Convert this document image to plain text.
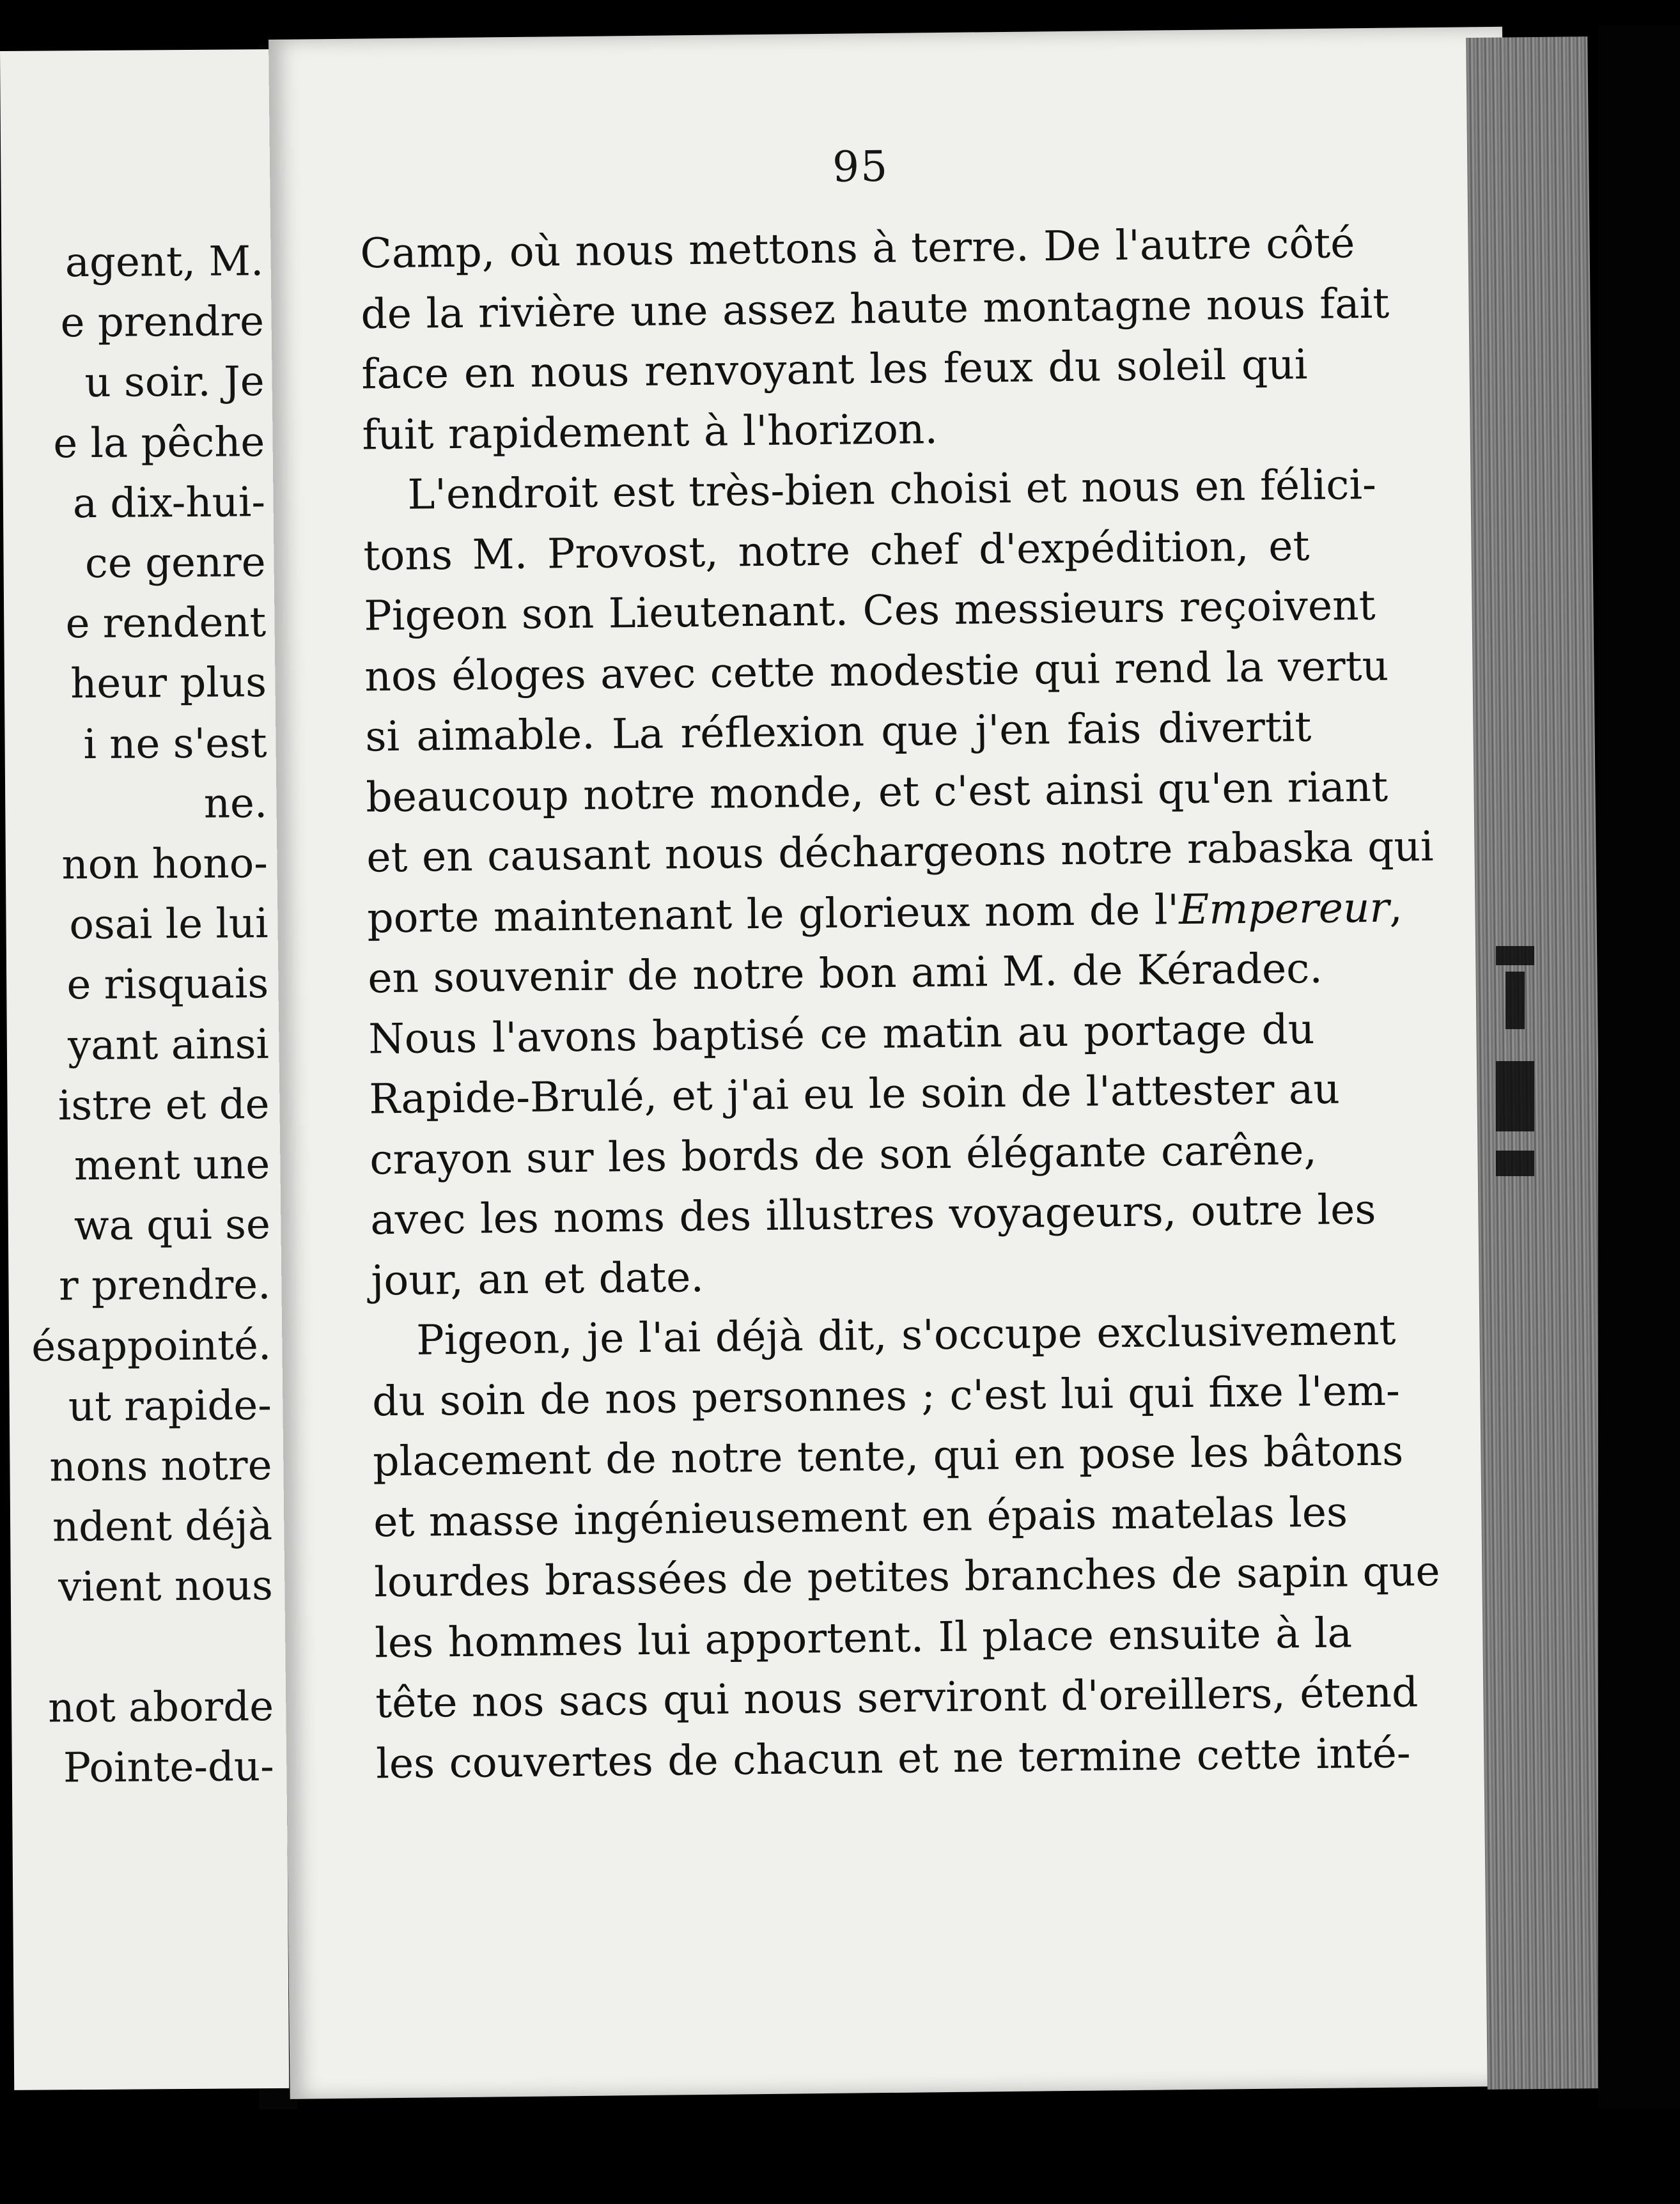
agent, M.
e prendre
u soir. Je
e la pêche
a dix-hui-
ce genre
e rendent
heur plus
i ne s'est
ne.
non hono-
osai le lui
e risquais
yant ainsi
istre et de
ment une
wa qui se
r prendre.
ésappointé.
ut rapide-
nons notre
ndent déjà
vient nous
not aborde
Pointe-du-
95
Camp, où nous mettons à terre. De l'autre côté
de la rivière une assez haute montagne nous fait
face en nous renvoyant les feux du soleil qui
fuit rapidement à l'horizon.
L'endroit est très-bien choisi et nous en félici-
tons M. Provost, notre chef d'expédition, et
Pigeon son Lieutenant. Ces messieurs reçoivent
nos éloges avec cette modestie qui rend la vertu
si aimable. La réflexion que j'en fais divertit
beaucoup notre monde, et c'est ainsi qu'en riant
et en causant nous déchargeons notre rabaska qui
porte maintenant le glorieux nom de l'Empereur,
en souvenir de notre bon ami M. de Kéradec.
Nous l'avons baptisé ce matin au portage du
Rapide-Brulé, et j'ai eu le soin de l'attester au
crayon sur les bords de son élégante carêne,
avec les noms des illustres voyageurs, outre les
jour, an et date.
Pigeon, je l'ai déjà dit, s'occupe exclusivement
du soin de nos personnes ; c'est lui qui fixe l'em-
placement de notre tente, qui en pose les bâtons
et masse ingénieusement en épais matelas les
lourdes brassées de petites branches de sapin que
les hommes lui apportent. Il place ensuite à la
tête nos sacs qui nous serviront d'oreillers, étend
les couvertes de chacun et ne termine cette inté-
